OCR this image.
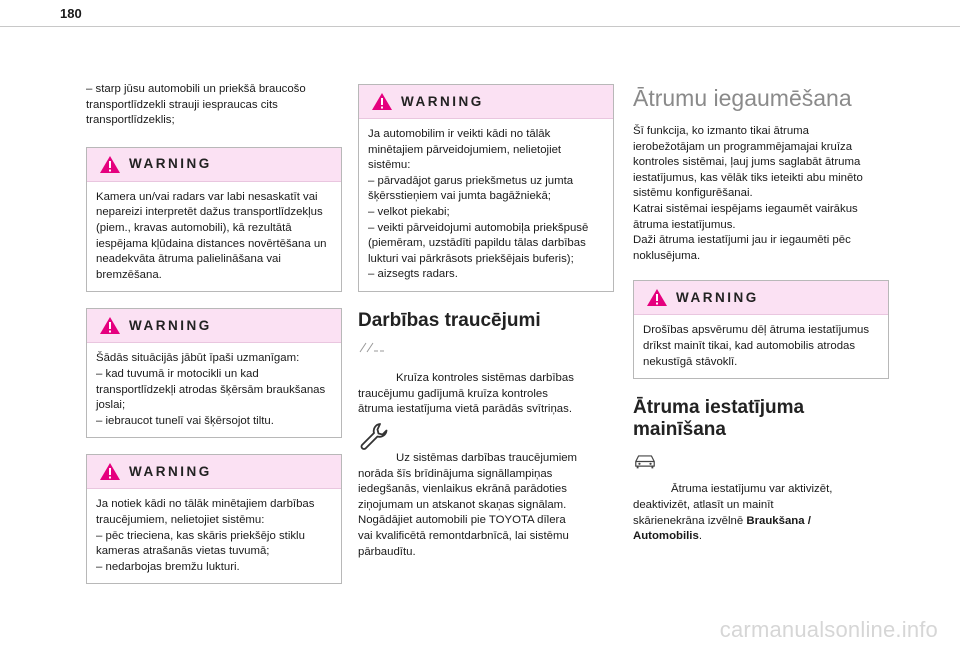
180

– starp jūsu automobili un priekšā braucošo
transportlīdzekli strauji iespraucas cits
transportlīdzeklis;

WARNING
Kamera un/vai radars var labi nesaskatīt vai
nepareizi interpretēt dažus transportlīdzekļus
(piem., kravas automobili), kā rezultātā
iespējama kļūdaina distances novērtēšana un
neadekvāta ātruma palielināšana vai
bremzēšana.
WARNING
Šādās situācijās jābūt īpaši uzmanīgam:
– kad tuvumā ir motocikli un kad
transportlīdzekļi atrodas šķērsām braukšanas
joslai;
– iebraucot tunelī vai šķērsojot tiltu.
WARNING
Ja notiek kādi no tālāk minētajiem darbības
traucējumiem, nelietojiet sistēmu:
– pēc trieciena, kas skāris priekšējo stiklu
kameras atrašanās vietas tuvumā;
– nedarbojas bremžu lukturi.
WARNING
Ja automobilim ir veikti kādi no tālāk
minētajiem pārveidojumiem, nelietojiet
sistēmu:
– pārvadājot garus priekšmetus uz jumta
šķērsstieņiem vai jumta bagāžniekā;
– velkot piekabi;
– veikti pārveidojumi automobiļa priekšpusē
(piemēram, uzstādīti papildu tālas darbības
lukturi vai pārkrāsots priekšējais buferis);
– aizsegts radars.
Darbības traucējumi

Kruīza kontroles sistēmas darbības
traucējumu gadījumā kruīza kontroles
ātruma iestatījuma vietā parādās svītriņas.

Uz sistēmas darbības traucējumiem
norāda šīs brīdinājuma signāllampiņas
iedegšanās, vienlaikus ekrānā parādoties
ziņojumam un atskanot skaņas signālam.
Nogādājiet automobili pie TOYOTA dīlera
vai kvalificētā remontdarbnīcā, lai sistēmu
pārbaudītu.

Ātrumu iegaumēšana

Šī funkcija, ko izmanto tikai ātruma
ierobežotājam un programmējamajai kruīza
kontroles sistēmai, ļauj jums saglabāt ātruma
iestatījumus, kas vēlāk tiks ieteikti abu minēto
sistēmu konfigurēšanai.
Katrai sistēmai iespējams iegaumēt vairākus
ātruma iestatījumus.
Daži ātruma iestatījumi jau ir iegaumēti pēc
noklusējuma.

WARNING
Drošības apsvērumu dēļ ātruma iestatījumus
drīkst mainīt tikai, kad automobilis atrodas
nekustīgā stāvoklī.
Ātruma iestatījuma
mainīšana

Ātruma iestatījumu var aktivizēt,
deaktivizēt, atlasīt un mainīt
skārienekrāna izvēlnē Braukšana /
Automobilis.

carmanualsonline.info
